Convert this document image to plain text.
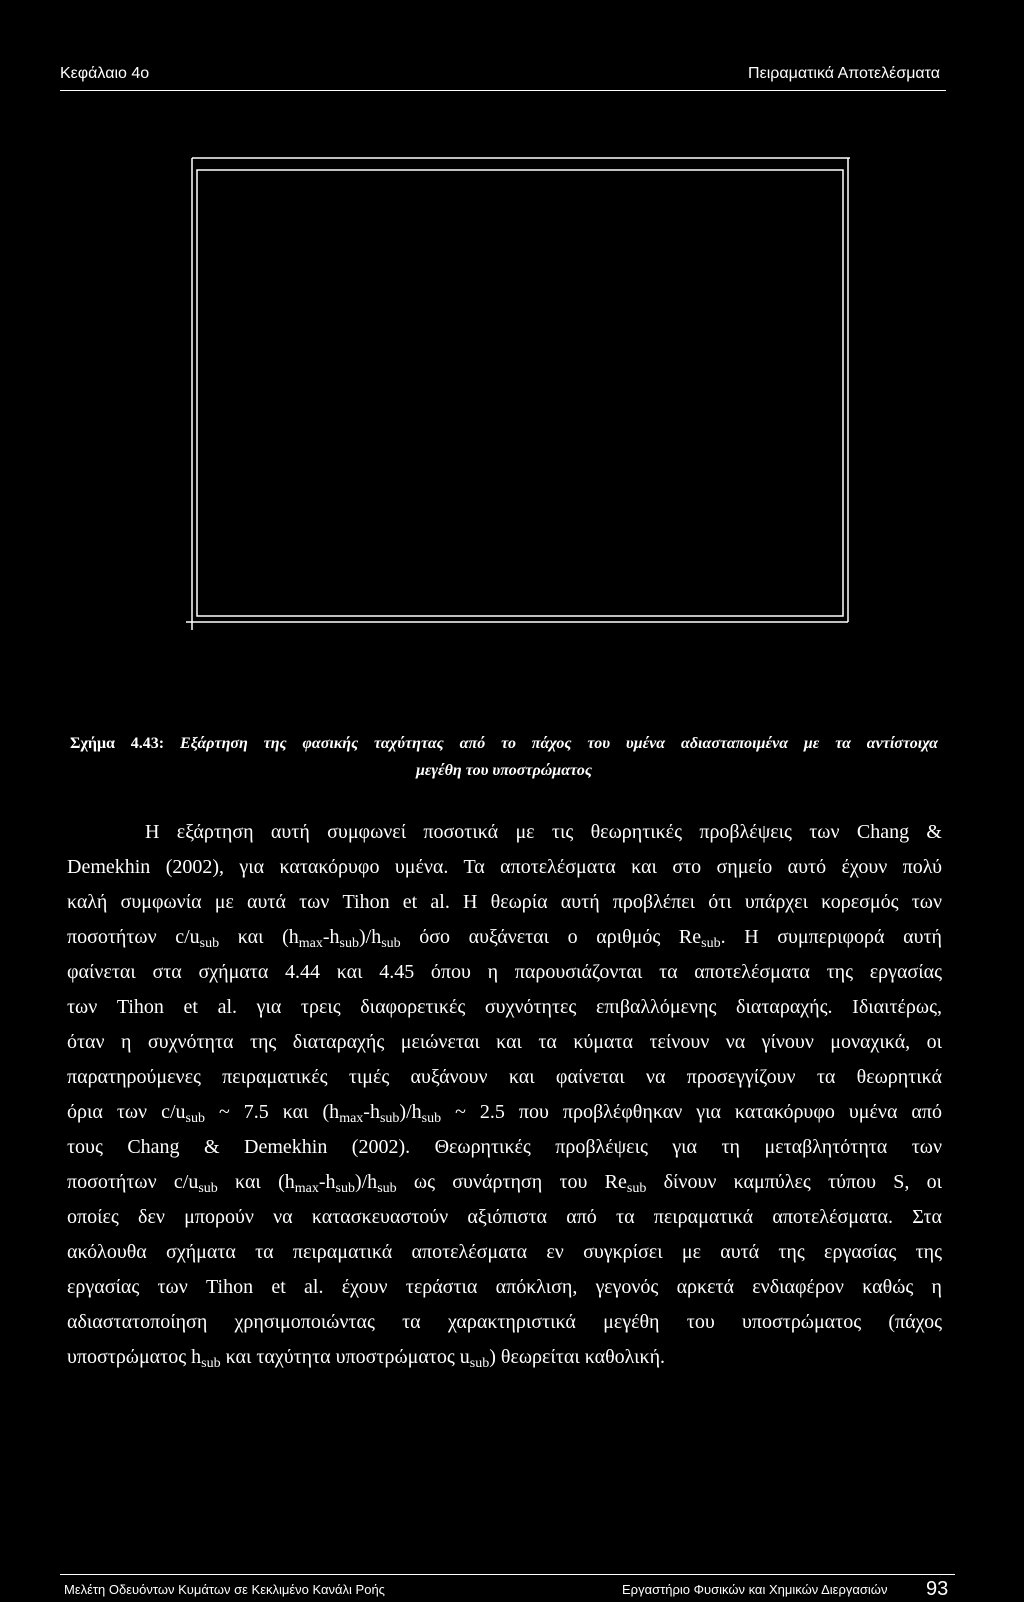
Κεφάλαιο 4ο	Πειραματικά Αποτελέσματα
Σχήμα 4.43: Εξάρτηση της φασικής ταχύτητας από το πάχος του υμένα αδιασταποιμένα με τα αντίστοιχα
μεγέθη του υποστρώματος
Η εξάρτηση αυτή συμφωνεί ποσοτικά με τις θεωρητικές προβλέψεις των Chang &
Demekhin (2002), για κατακόρυφο υμένα. Τα αποτελέσματα και στο σημείο αυτό έχουν πολύ
καλή συμφωνία με αυτά των Tihon et al. Η θεωρία αυτή προβλέπει ότι υπάρχει κορεσμός των
ποσοτήτων $c/u_{sub}$ και $(h_{max}-h_{sub})/h_{sub}$ όσο αυξάνεται ο αριθμός $Re_{sub}$. Η συμπεριφορά αυτή
φαίνεται στα σχήματα 4.44 και 4.45 όπου η παρουσιάζονται τα αποτελέσματα της εργασίας
των Tihon et al. για τρεις διαφορετικές συχνότητες επιβαλλόμενης διαταραχής. Ιδιαιτέρως,
όταν η συχνότητα της διαταραχής μειώνεται και τα κύματα τείνουν να γίνουν μοναχικά, οι
παρατηρούμενες πειραματικές τιμές αυξάνουν και φαίνεται να προσεγγίζουν τα θεωρητικά
όρια των $c/u_{sub}$ ~ 7.5 και $(h_{max}-h_{sub})/h_{sub}$ ~ 2.5 που προβλέφθηκαν για κατακόρυφο υμένα από
τους Chang & Demekhin (2002). Θεωρητικές προβλέψεις για τη μεταβλητότητα των
ποσοτήτων $c/u_{sub}$ και $(h_{max}-h_{sub})/h_{sub}$ ως συνάρτηση του $Re_{sub}$ δίνουν καμπύλες τύπου S, οι
οποίες δεν μπορούν να κατασκευαστούν αξιόπιστα από τα πειραματικά αποτελέσματα. Στα
ακόλουθα σχήματα τα πειραματικά αποτελέσματα εν συγκρίσει με αυτά της εργασίας της
εργασίας των Tihon et al. έχουν τεράστια απόκλιση, γεγονός αρκετά ενδιαφέρον καθώς η
αδιαστατοποίηση χρησιμοποιώντας τα χαρακτηριστικά μεγέθη του υποστρώματος (πάχος
υποστρώματος $h_{sub}$ και ταχύτητα υποστρώματος $u_{sub}$) θεωρείται καθολική.
Μελέτη Οδευόντων Κυμάτων σε Κεκλιμένο Κανάλι Ροής	Εργαστήριο Φυσικών και Χημικών Διεργασιών 93
